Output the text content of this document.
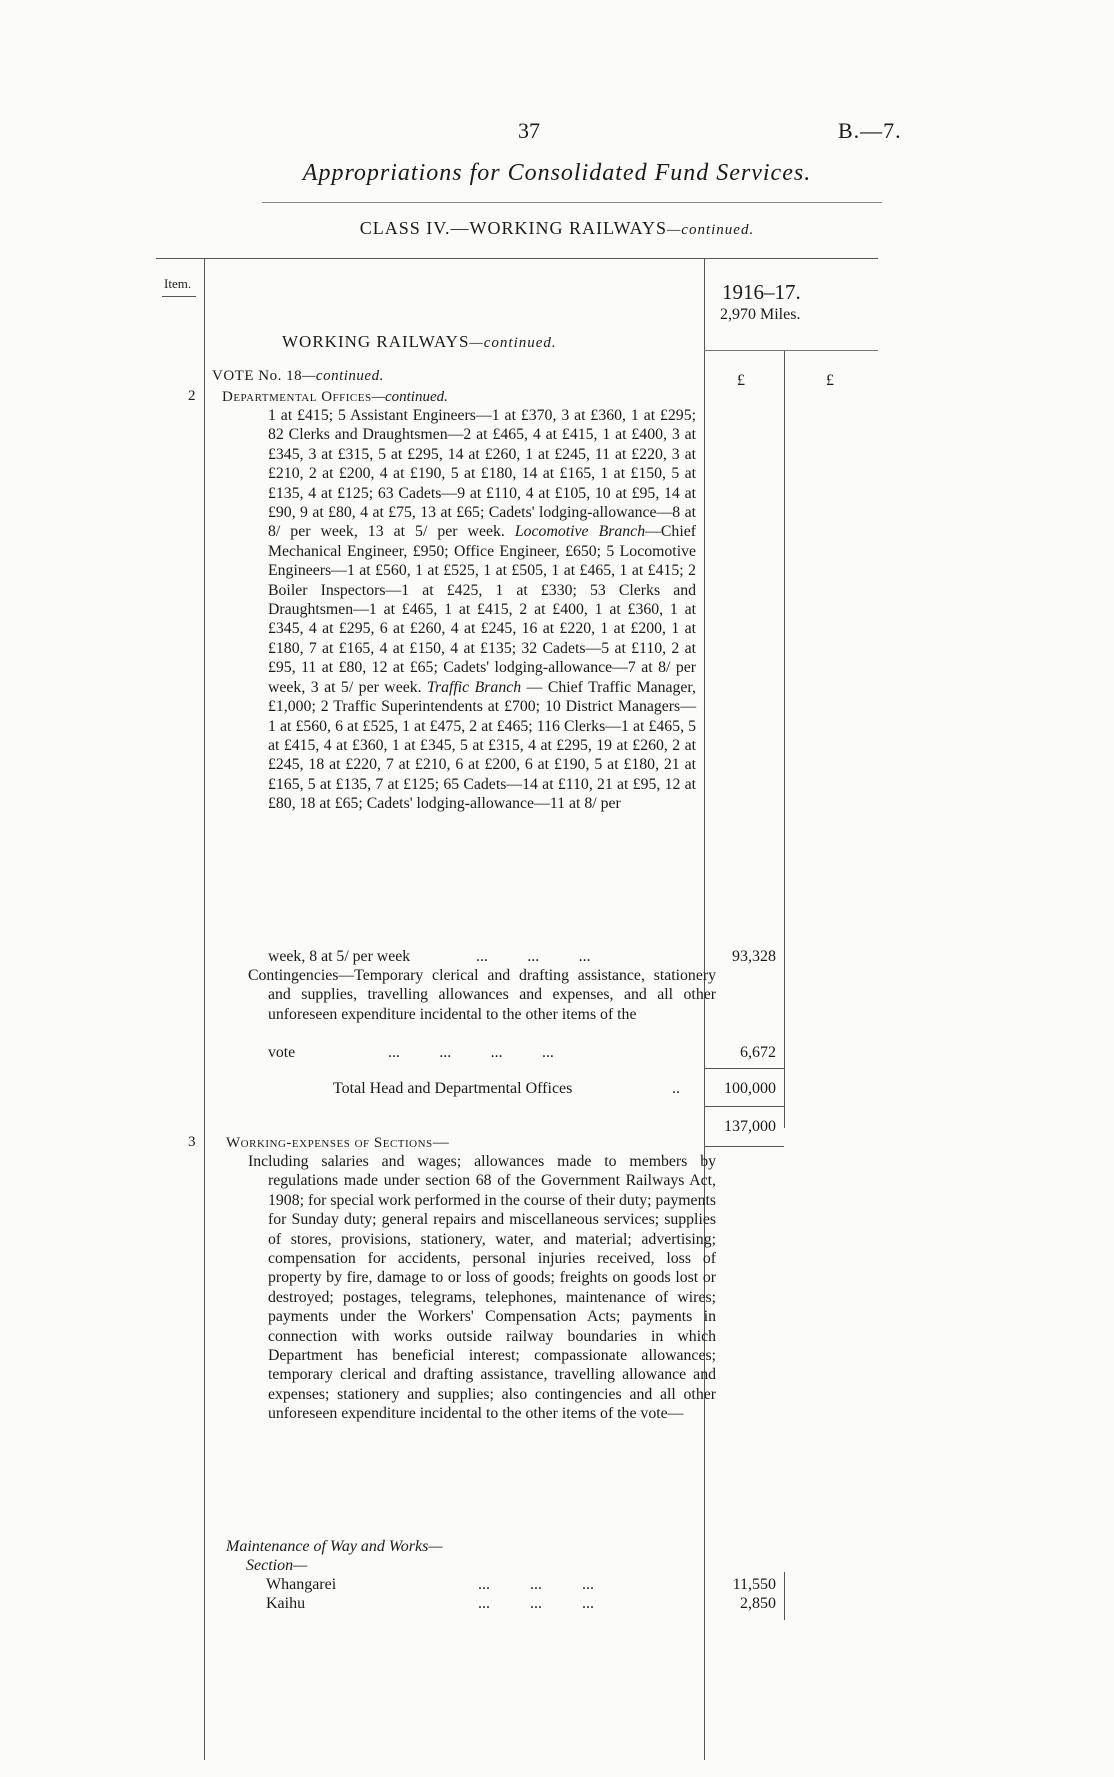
37	B.—7.
Appropriations for Consolidated Fund Services.
CLASS IV.—WORKING RAILWAYS—continued.
Item.	1916–17.
2,970 Miles.
WORKING RAILWAYS—continued.
£	£
VOTE No. 18—continued.
2 Departmental Offices—continued.

1 at £415; 5 Assistant Engineers—1 at £370, 3 at £360, 1 at £295; 82 Clerks and Draughtsmen—2 at £465, 4 at £415, 1 at £400, 3 at £345, 3 at £315, 5 at £295, 14 at £260, 1 at £245, 11 at £220, 3 at £210, 2 at £200, 4 at £190, 5 at £180, 14 at £165, 1 at £150, 5 at £135, 4 at £125; 63 Cadets—9 at £110, 4 at £105, 10 at £95, 14 at £90, 9 at £80, 4 at £75, 13 at £65; Cadets' lodging-allowance—8 at 8/ per week, 13 at 5/ per week. Locomotive Branch—Chief Mechanical Engineer, £950; Office Engineer, £650; 5 Locomotive Engineers—1 at £560, 1 at £525, 1 at £505, 1 at £465, 1 at £415; 2 Boiler Inspectors—1 at £425, 1 at £330; 53 Clerks and Draughtsmen—1 at £465, 1 at £415, 2 at £400, 1 at £360, 1 at £345, 4 at £295, 6 at £260, 4 at £245, 16 at £220, 1 at £200, 1 at £180, 7 at £165, 4 at £150, 4 at £135; 32 Cadets—5 at £110, 2 at £95, 11 at £80, 12 at £65; Cadets' lodging-allowance—7 at 8/ per week, 3 at 5/ per week. Traffic Branch — Chief Traffic Manager, £1,000; 2 Traffic Superintendents at £700; 10 District Managers—1 at £560, 6 at £525, 1 at £475, 2 at £465; 116 Clerks—1 at £465, 5 at £415, 4 at £360, 1 at £345, 5 at £315, 4 at £295, 19 at £260, 2 at £245, 18 at £220, 7 at £210, 6 at £200, 6 at £190, 5 at £180, 21 at £165, 5 at £135, 7 at £125; 65 Cadets—14 at £110, 21 at £95, 12 at £80, 18 at £65; Cadets' lodging-allowance—11 at 8/ per

week, 8 at 5/ per week	...          ...          ...	93,328

Contingencies—Temporary clerical and drafting assistance, stationery and supplies, travelling allowances and expenses, and all other unforeseen expenditure incidental to the other items of the

vote	...          ...          ...          ...	6,672
Total Head and Departmental Offices	..	100,000
137,000
3 Working-expenses of Sections—

Including salaries and wages; allowances made to members by regulations made under section 68 of the Government Railways Act, 1908; for special work performed in the course of their duty; payments for Sunday duty; general repairs and miscellaneous services; supplies of stores, provisions, stationery, water, and material; advertising; compensation for accidents, personal injuries received, loss of property by fire, damage to or loss of goods; freights on goods lost or destroyed; postages, telegrams, telephones, maintenance of wires; payments under the Workers' Compensation Acts; payments in connection with works outside railway boundaries in which Department has beneficial interest; compassionate allowances; temporary clerical and drafting assistance, travelling allowance and expenses; stationery and supplies; also contingencies and all other unforeseen expenditure incidental to the other items of the vote—

Maintenance of Way and Works—
Section—
Whangarei	...          ...          ...	11,550
Kaihu	...          ...          ...	2,850
